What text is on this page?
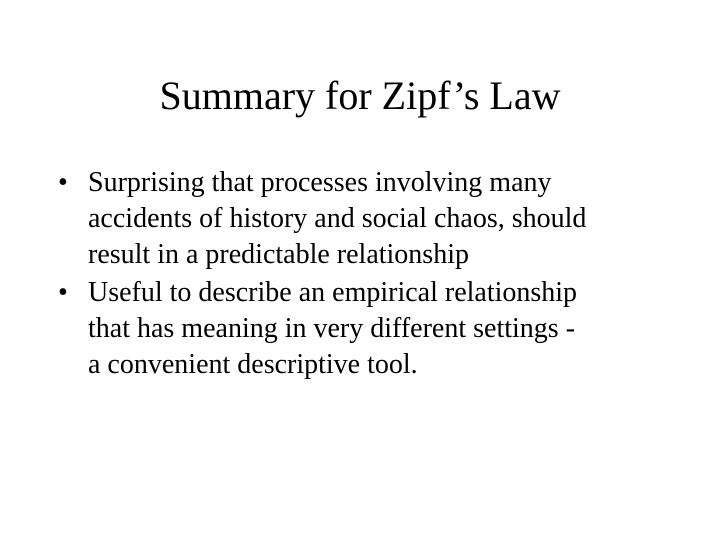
Summary for Zipf’s Law
• Surprising that processes involving many
accidents of history and social chaos, should
result in a predictable relationship
• Useful to describe an empirical relationship
that has meaning in very different settings -
a convenient descriptive tool.
